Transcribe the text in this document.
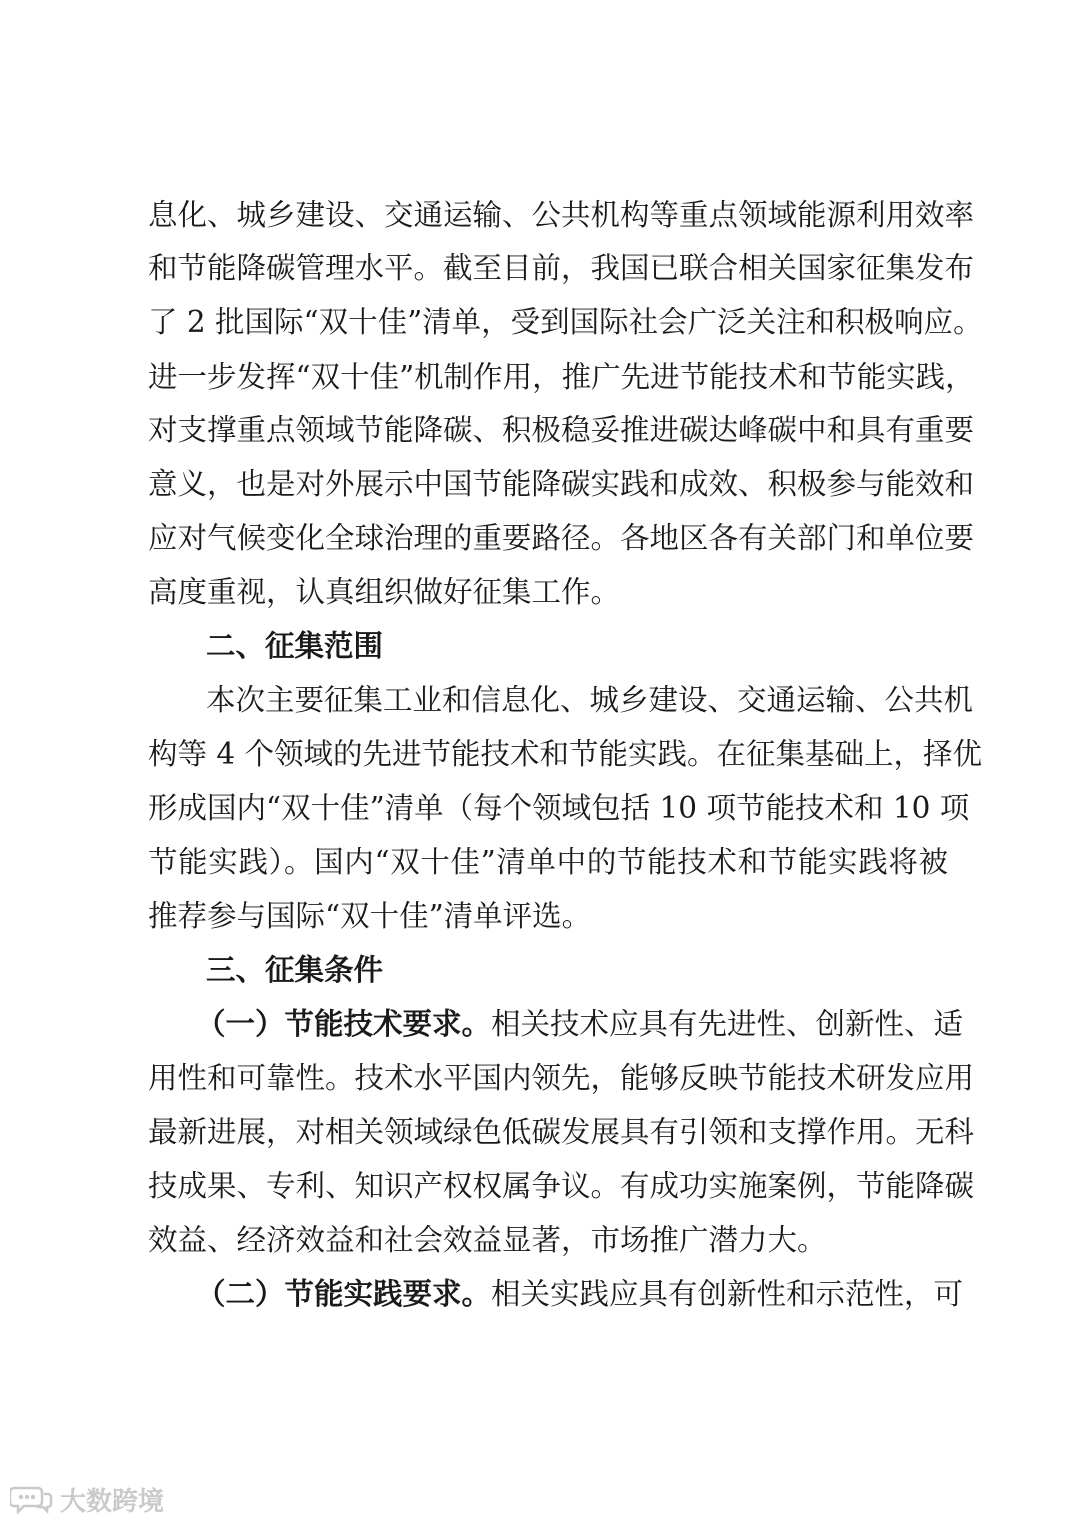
息化、城乡建设、交通运输、公共机构等重点领域能源利用效率
和节能降碳管理水平。截至目前，我国已联合相关国家征集发布
了 2 批国际“双十佳”清单，受到国际社会广泛关注和积极响应。
进一步发挥“双十佳”机制作用，推广先进节能技术和节能实践，
对支撑重点领域节能降碳、积极稳妥推进碳达峰碳中和具有重要
意义，也是对外展示中国节能降碳实践和成效、积极参与能效和
应对气候变化全球治理的重要路径。各地区各有关部门和单位要
高度重视，认真组织做好征集工作。
二、征集范围
本次主要征集工业和信息化、城乡建设、交通运输、公共机
构等 4 个领域的先进节能技术和节能实践。在征集基础上，择优
形成国内“双十佳”清单（每个领域包括 10 项节能技术和 10 项
节能实践）。国内“双十佳”清单中的节能技术和节能实践将被
推荐参与国际“双十佳”清单评选。
三、征集条件
（一）节能技术要求。相关技术应具有先进性、创新性、适
用性和可靠性。技术水平国内领先，能够反映节能技术研发应用
最新进展，对相关领域绿色低碳发展具有引领和支撑作用。无科
技成果、专利、知识产权权属争议。有成功实施案例，节能降碳
效益、经济效益和社会效益显著，市场推广潜力大。
（二）节能实践要求。相关实践应具有创新性和示范性，可
大数跨境
